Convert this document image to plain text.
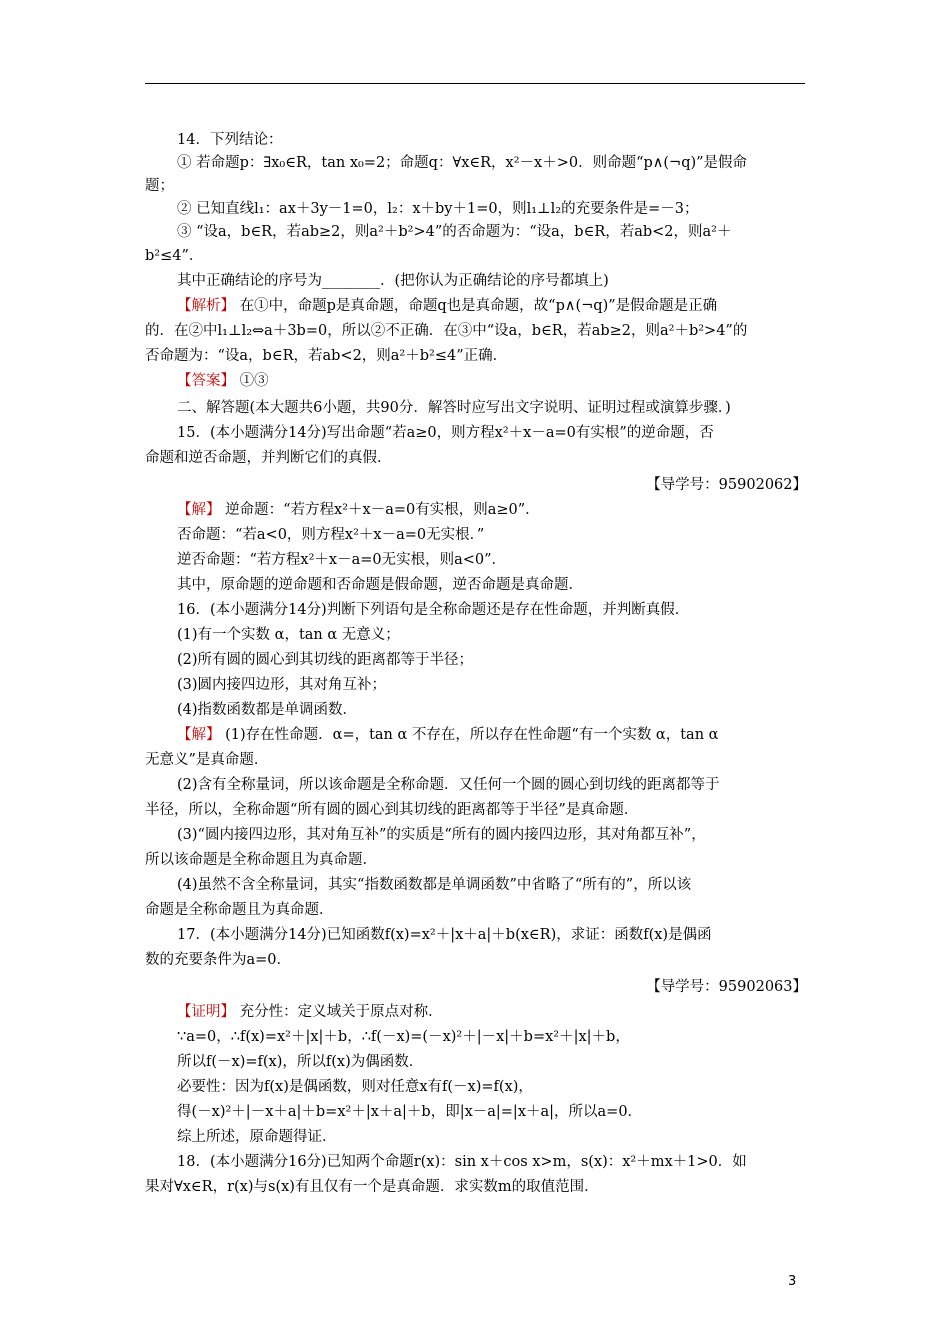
14．下列结论：
① 若命题p：∃x₀∈R，tan x₀=2；命题q：∀x∈R，x²－x＋>0．则命题“p∧(¬q)”是假命
题；
② 已知直线l₁：ax＋3y－1=0，l₂：x＋by＋1=0，则l₁⊥l₂的充要条件是=－3；
③ “设a，b∈R，若ab≥2，则a²＋b²>4”的否命题为：“设a，b∈R，若ab<2，则a²＋
b²≤4”．
其中正确结论的序号为________．(把你认为正确结论的序号都填上)
【解析】 在①中，命题p是真命题，命题q也是真命题，故“p∧(¬q)”是假命题是正确
的．在②中l₁⊥l₂⇔a＋3b=0，所以②不正确．在③中“设a，b∈R，若ab≥2，则a²＋b²>4”的
否命题为：“设a，b∈R，若ab<2，则a²＋b²≤4”正确．
【答案】 ①③
二、解答题(本大题共6小题，共90分．解答时应写出文字说明、证明过程或演算步骤．)
15．(本小题满分14分)写出命题“若a≥0，则方程x²＋x－a=0有实根”的逆命题，否
命题和逆否命题，并判断它们的真假．
【导学号：95902062】
【解】 逆命题：“若方程x²＋x－a=0有实根，则a≥0”．
否命题：“若a<0，则方程x²＋x－a=0无实根．”
逆否命题：“若方程x²＋x－a=0无实根，则a<0”．
其中，原命题的逆命题和否命题是假命题，逆否命题是真命题．
16．(本小题满分14分)判断下列语句是全称命题还是存在性命题，并判断真假．
(1)有一个实数 α，tan α 无意义；
(2)所有圆的圆心到其切线的距离都等于半径；
(3)圆内接四边形，其对角互补；
(4)指数函数都是单调函数．
【解】 (1)存在性命题．α=，tan α 不存在，所以存在性命题“有一个实数 α，tan α
无意义”是真命题．
(2)含有全称量词，所以该命题是全称命题．又任何一个圆的圆心到切线的距离都等于
半径，所以，全称命题“所有圆的圆心到其切线的距离都等于半径”是真命题．
(3)“圆内接四边形，其对角互补”的实质是“所有的圆内接四边形，其对角都互补”，
所以该命题是全称命题且为真命题．
(4)虽然不含全称量词，其实“指数函数都是单调函数”中省略了“所有的”，所以该
命题是全称命题且为真命题．
17．(本小题满分14分)已知函数f(x)=x²＋|x＋a|＋b(x∈R)，求证：函数f(x)是偶函
数的充要条件为a=0．
【导学号：95902063】
【证明】 充分性：定义域关于原点对称．
∵a=0，∴f(x)=x²＋|x|＋b，∴f(－x)=(－x)²＋|－x|＋b=x²＋|x|＋b，
所以f(－x)=f(x)，所以f(x)为偶函数．
必要性：因为f(x)是偶函数，则对任意x有f(－x)=f(x)，
得(－x)²＋|－x＋a|＋b=x²＋|x＋a|＋b，即|x－a|=|x＋a|，所以a=0．
综上所述，原命题得证．
18．(本小题满分16分)已知两个命题r(x)：sin x＋cos x>m，s(x)：x²＋mx＋1>0．如
果对∀x∈R，r(x)与s(x)有且仅有一个是真命题．求实数m的取值范围．
3
